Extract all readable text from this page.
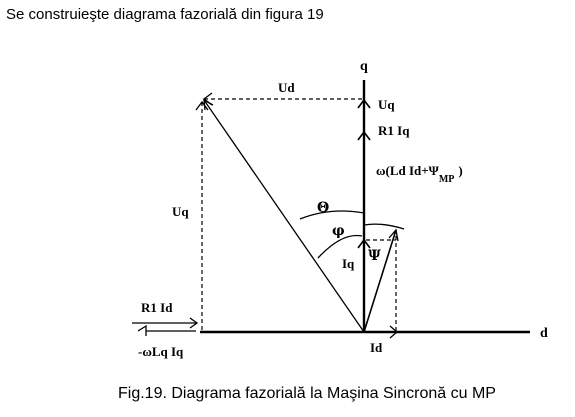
Se construieşte diagrama fazorială din figura 19
d
q
Ud
Uq
R1 Iq
ω(Ld $Id+\Psi_{MP}$)
Uq	Θ
φ
Ψ
Iq
Id
R1 Id
-ωLq Iq
Fig.19. Diagrama fazorială la Maşina Sincronă cu MP
